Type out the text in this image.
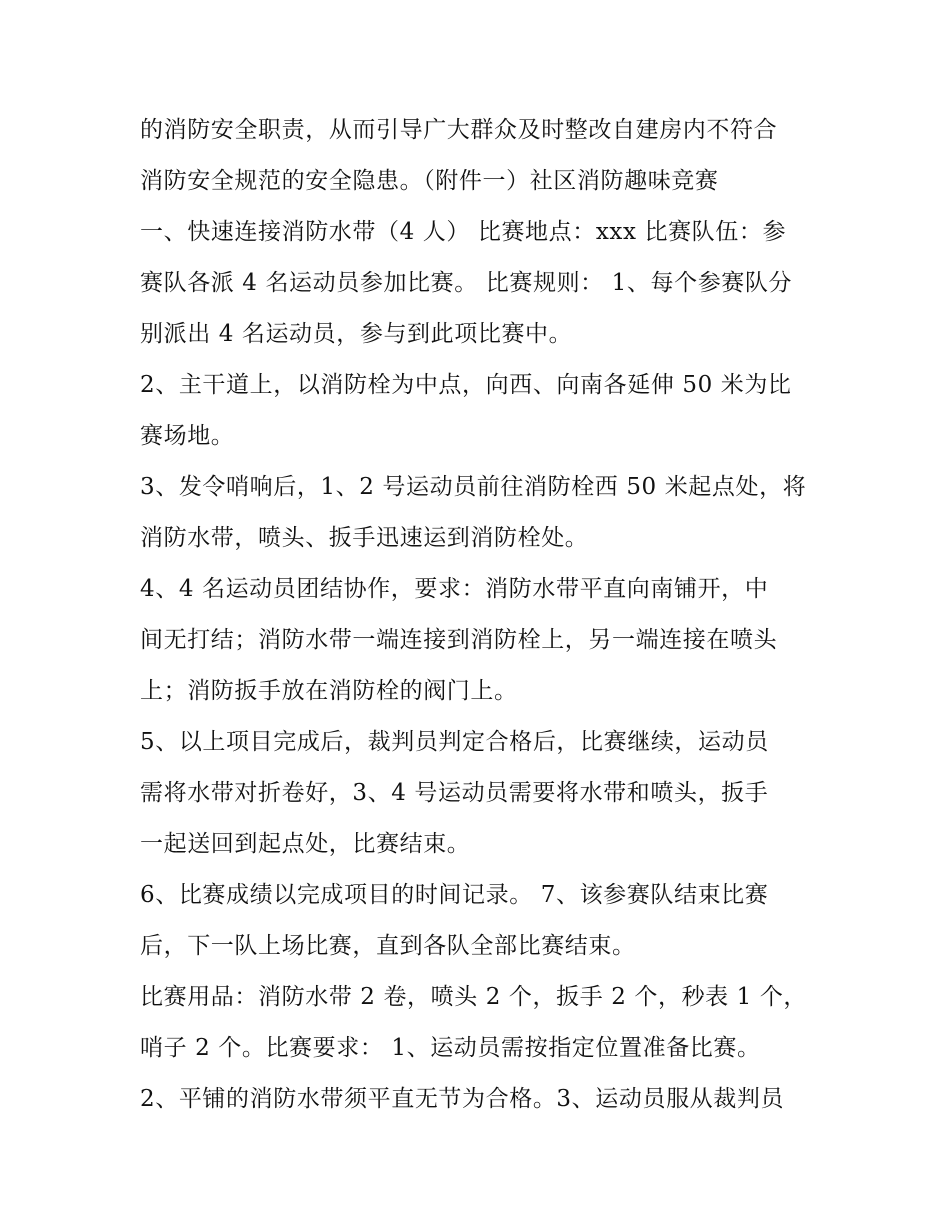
的消防安全职责，从而引导广大群众及时整改自建房内不符合
消防安全规范的安全隐患。（附件一）社区消防趣味竞赛
一、快速连接消防水带（4 人） 比赛地点：xxx 比赛队伍：参
赛队各派 4 名运动员参加比赛。 比赛规则： 1、每个参赛队分
别派出 4 名运动员，参与到此项比赛中。
2、主干道上，以消防栓为中点，向西、向南各延伸 50 米为比
赛场地。
3、发令哨响后，1、2 号运动员前往消防栓西 50 米起点处，将
消防水带，喷头、扳手迅速运到消防栓处。
4、4 名运动员团结协作，要求：消防水带平直向南铺开，中
间无打结；消防水带一端连接到消防栓上，另一端连接在喷头
上；消防扳手放在消防栓的阀门上。
5、以上项目完成后，裁判员判定合格后，比赛继续，运动员
需将水带对折卷好，3、4 号运动员需要将水带和喷头，扳手
一起送回到起点处，比赛结束。
6、比赛成绩以完成项目的时间记录。 7、该参赛队结束比赛
后，下一队上场比赛，直到各队全部比赛结束。
比赛用品：消防水带 2 卷，喷头 2 个，扳手 2 个，秒表 1 个，
哨子 2 个。比赛要求： 1、运动员需按指定位置准备比赛。
2、平铺的消防水带须平直无节为合格。3、运动员服从裁判员
